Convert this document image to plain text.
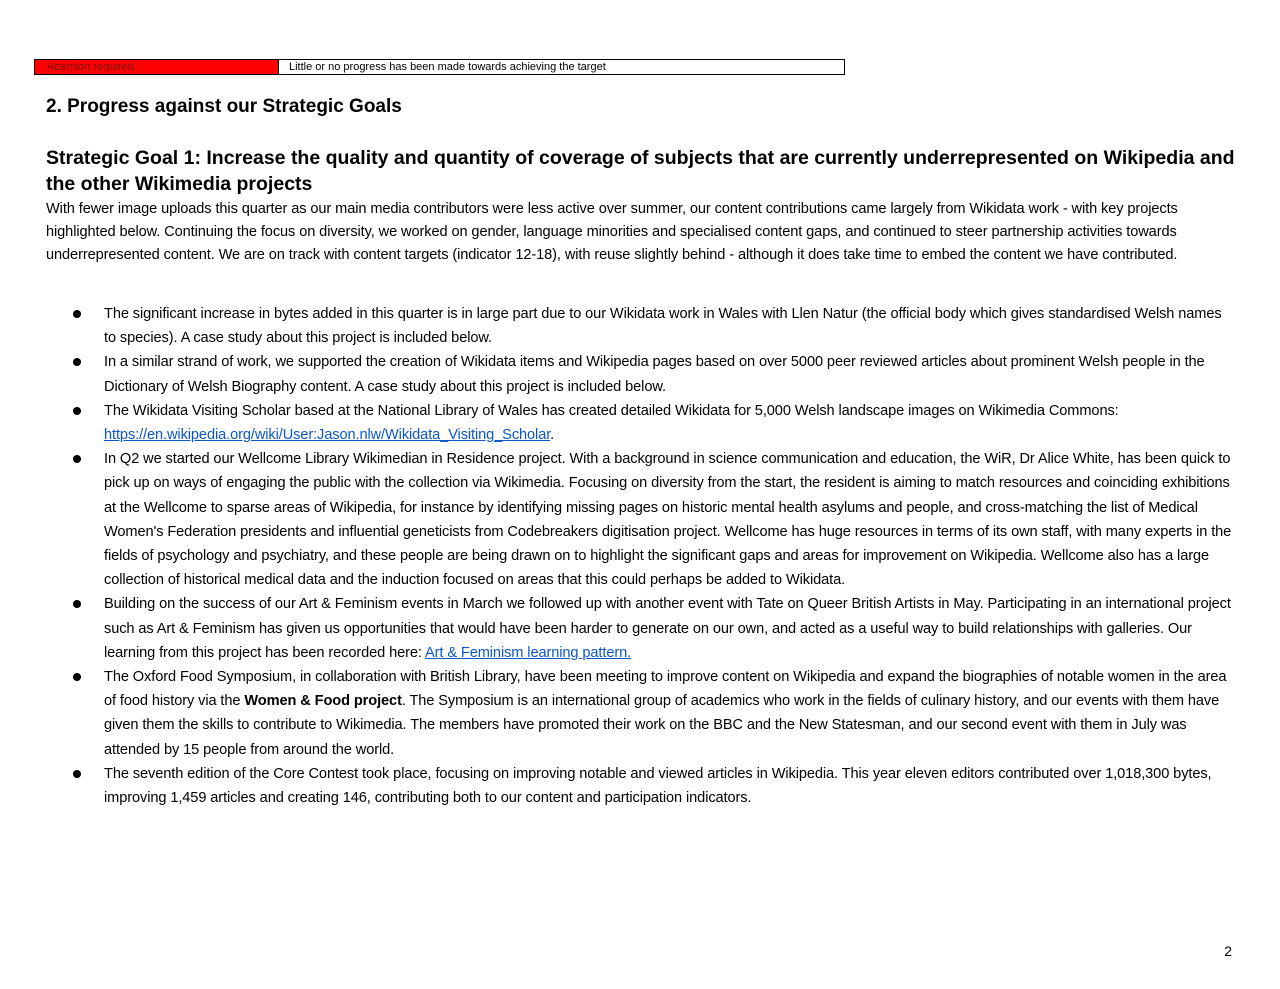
Attention required	Little or no progress has been made towards achieving the target
2. Progress against our Strategic Goals
Strategic Goal 1: Increase the quality and quantity of coverage of subjects that are currently underrepresented on Wikipedia and the other Wikimedia projects

With fewer image uploads this quarter as our main media contributors were less active over summer, our content contributions came largely from Wikidata work - with key projects highlighted below. Continuing the focus on diversity, we worked on gender, language minorities and specialised content gaps, and continued to steer partnership activities towards underrepresented content. We are on track with content targets (indicator 12-18), with reuse slightly behind - although it does take time to embed the content we have contributed.

The significant increase in bytes added in this quarter is in large part due to our Wikidata work in Wales with Llen Natur (the official body which gives standardised Welsh names to species). A case study about this project is included below.
In a similar strand of work, we supported the creation of Wikidata items and Wikipedia pages based on over 5000 peer reviewed articles about prominent Welsh people in the Dictionary of Welsh Biography content. A case study about this project is included below.
The Wikidata Visiting Scholar based at the National Library of Wales has created detailed Wikidata for 5,000 Welsh landscape images on Wikimedia Commons: https://en.wikipedia.org/wiki/User:Jason.nlw/Wikidata_Visiting_Scholar.
In Q2 we started our Wellcome Library Wikimedian in Residence project. With a background in science communication and education, the WiR, Dr Alice White, has been quick to pick up on ways of engaging the public with the collection via Wikimedia. Focusing on diversity from the start, the resident is aiming to match resources and coinciding exhibitions at the Wellcome to sparse areas of Wikipedia, for instance by identifying missing pages on historic mental health asylums and people, and cross-matching the list of Medical Women's Federation presidents and influential geneticists from Codebreakers digitisation project. Wellcome has huge resources in terms of its own staff, with many experts in the fields of psychology and psychiatry, and these people are being drawn on to highlight the significant gaps and areas for improvement on Wikipedia. Wellcome also has a large collection of historical medical data and the induction focused on areas that this could perhaps be added to Wikidata.
Building on the success of our Art & Feminism events in March we followed up with another event with Tate on Queer British Artists in May. Participating in an international project such as Art & Feminism has given us opportunities that would have been harder to generate on our own, and acted as a useful way to build relationships with galleries. Our learning from this project has been recorded here: Art & Feminism learning pattern.
The Oxford Food Symposium, in collaboration with British Library, have been meeting to improve content on Wikipedia and expand the biographies of notable women in the area of food history via the Women & Food project. The Symposium is an international group of academics who work in the fields of culinary history, and our events with them have given them the skills to contribute to Wikimedia. The members have promoted their work on the BBC and the New Statesman, and our second event with them in July was attended by 15 people from around the world.
The seventh edition of the Core Contest took place, focusing on improving notable and viewed articles in Wikipedia. This year eleven editors contributed over 1,018,300 bytes, improving 1,459 articles and creating 146, contributing both to our content and participation indicators.
2
